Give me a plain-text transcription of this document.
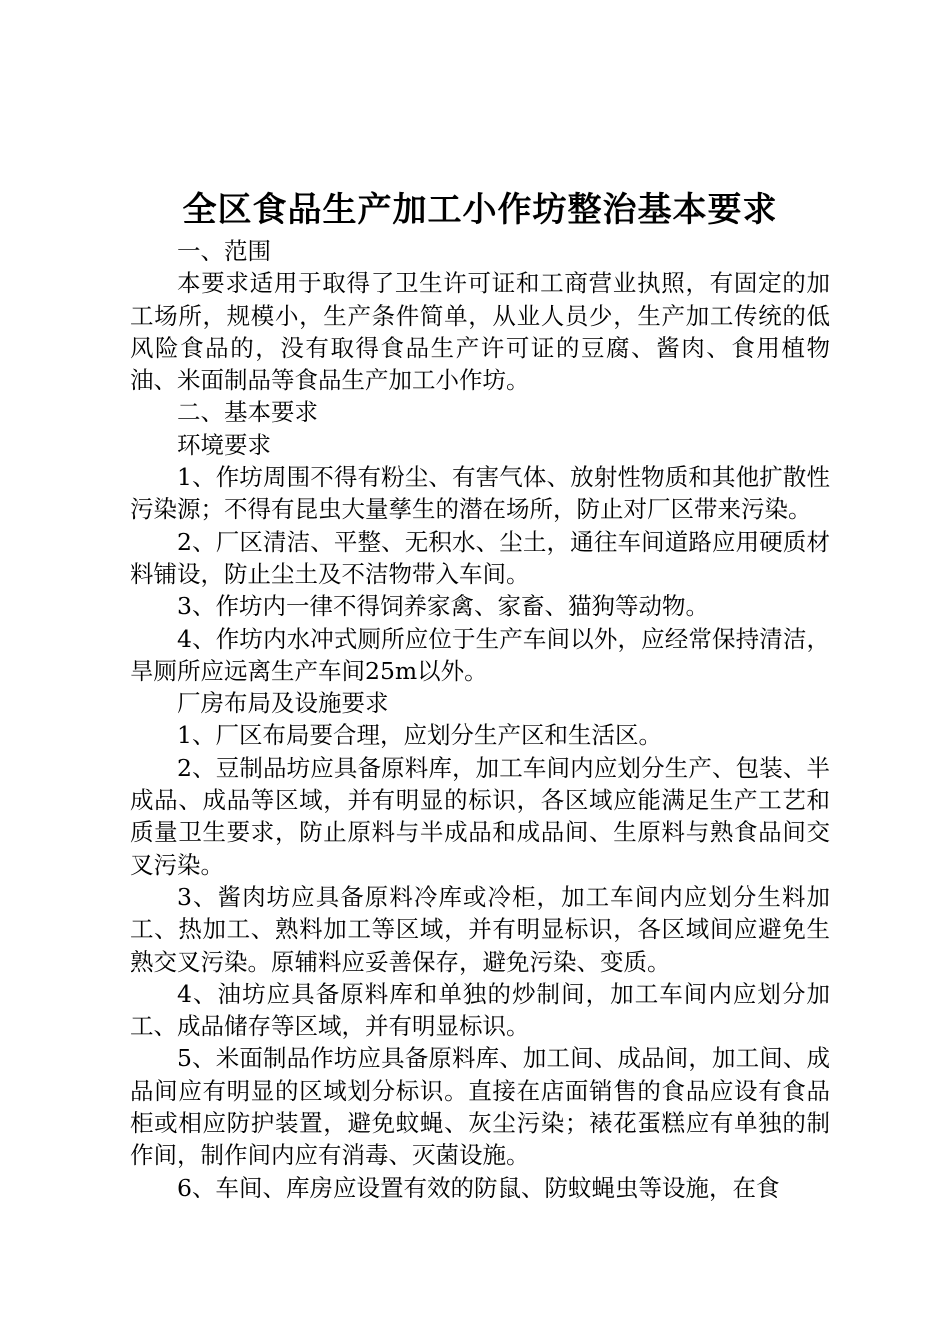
全区食品生产加工小作坊整治基本要求

一、范围

本要求适用于取得了卫生许可证和工商营业执照，有固定的加工场所，规模小，生产条件简单，从业人员少，生产加工传统的低风险食品的，没有取得食品生产许可证的豆腐、酱肉、食用植物油、米面制品等食品生产加工小作坊。

二、基本要求

环境要求

1、作坊周围不得有粉尘、有害气体、放射性物质和其他扩散性污染源；不得有昆虫大量孳生的潜在场所，防止对厂区带来污染。

2、厂区清洁、平整、无积水、尘土，通往车间道路应用硬质材料铺设，防止尘土及不洁物带入车间。

3、作坊内一律不得饲养家禽、家畜、猫狗等动物。

4、作坊内水冲式厕所应位于生产车间以外，应经常保持清洁，旱厕所应远离生产车间25m以外。

厂房布局及设施要求

1、厂区布局要合理，应划分生产区和生活区。

2、豆制品坊应具备原料库，加工车间内应划分生产、包装、半成品、成品等区域，并有明显的标识，各区域应能满足生产工艺和质量卫生要求，防止原料与半成品和成品间、生原料与熟食品间交叉污染。

3、酱肉坊应具备原料冷库或冷柜，加工车间内应划分生料加工、热加工、熟料加工等区域，并有明显标识，各区域间应避免生熟交叉污染。原辅料应妥善保存，避免污染、变质。

4、油坊应具备原料库和单独的炒制间，加工车间内应划分加工、成品储存等区域，并有明显标识。

5、米面制品作坊应具备原料库、加工间、成品间，加工间、成品间应有明显的区域划分标识。直接在店面销售的食品应设有食品柜或相应防护装置，避免蚊蝇、灰尘污染；裱花蛋糕应有单独的制作间，制作间内应有消毒、灭菌设施。

6、车间、库房应设置有效的防鼠、防蚊蝇虫等设施，在食
